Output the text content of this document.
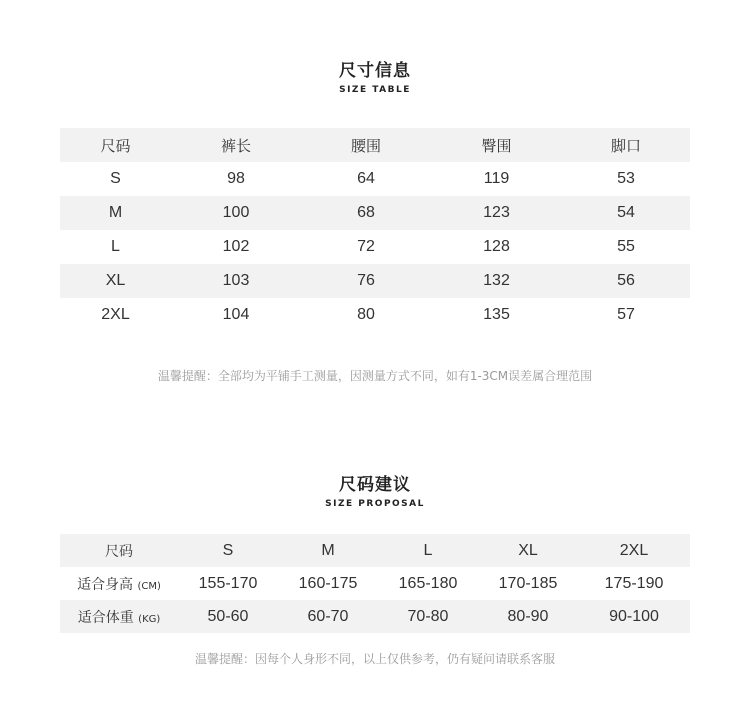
尺寸信息
SIZE TABLE
尺码	裤长	腰围	臀围	脚口
S	98	64	119	53
M	100	68	123	54
L	102	72	128	55
XL	103	76	132	56
2XL	104	80	135	57
温馨提醒：全部均为平铺手工测量，因测量方式不同，如有1-3CM误差属合理范围
尺码建议
SIZE PROPOSAL
尺码	S	M	L	XL	2XL
适合身高 (CM)	155-170	160-175	165-180	170-185	175-190
适合体重 (KG)	50-60	60-70	70-80	80-90	90-100
温馨提醒：因每个人身形不同，以上仅供参考，仍有疑问请联系客服
